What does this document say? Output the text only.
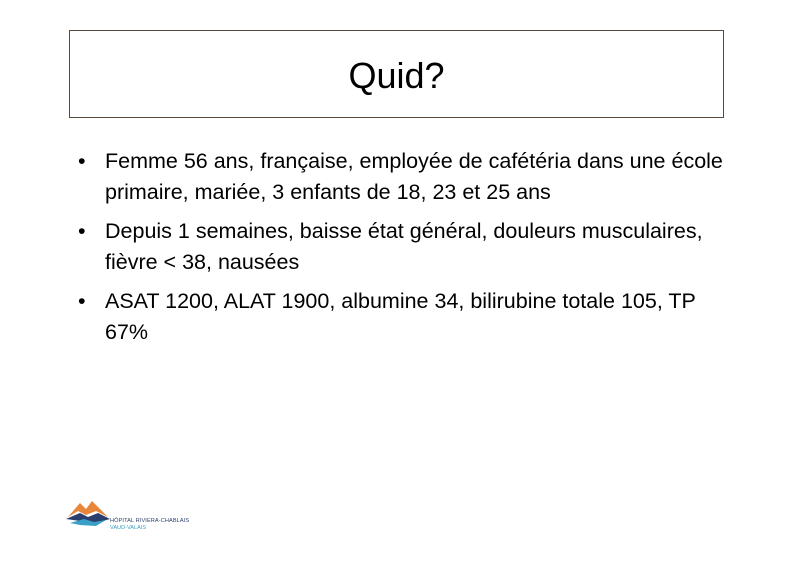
Quid?
• Femme 56 ans, française, employée de cafétéria dans une école primaire, mariée, 3 enfants de 18, 23 et 25 ans
• Depuis 1 semaines, baisse état général, douleurs musculaires, fièvre < 38, nausées
• ASAT 1200, ALAT 1900, albumine 34, bilirubine totale 105, TP 67%
HÔPITAL RIVIERA-CHABLAIS
VAUD-VALAIS
